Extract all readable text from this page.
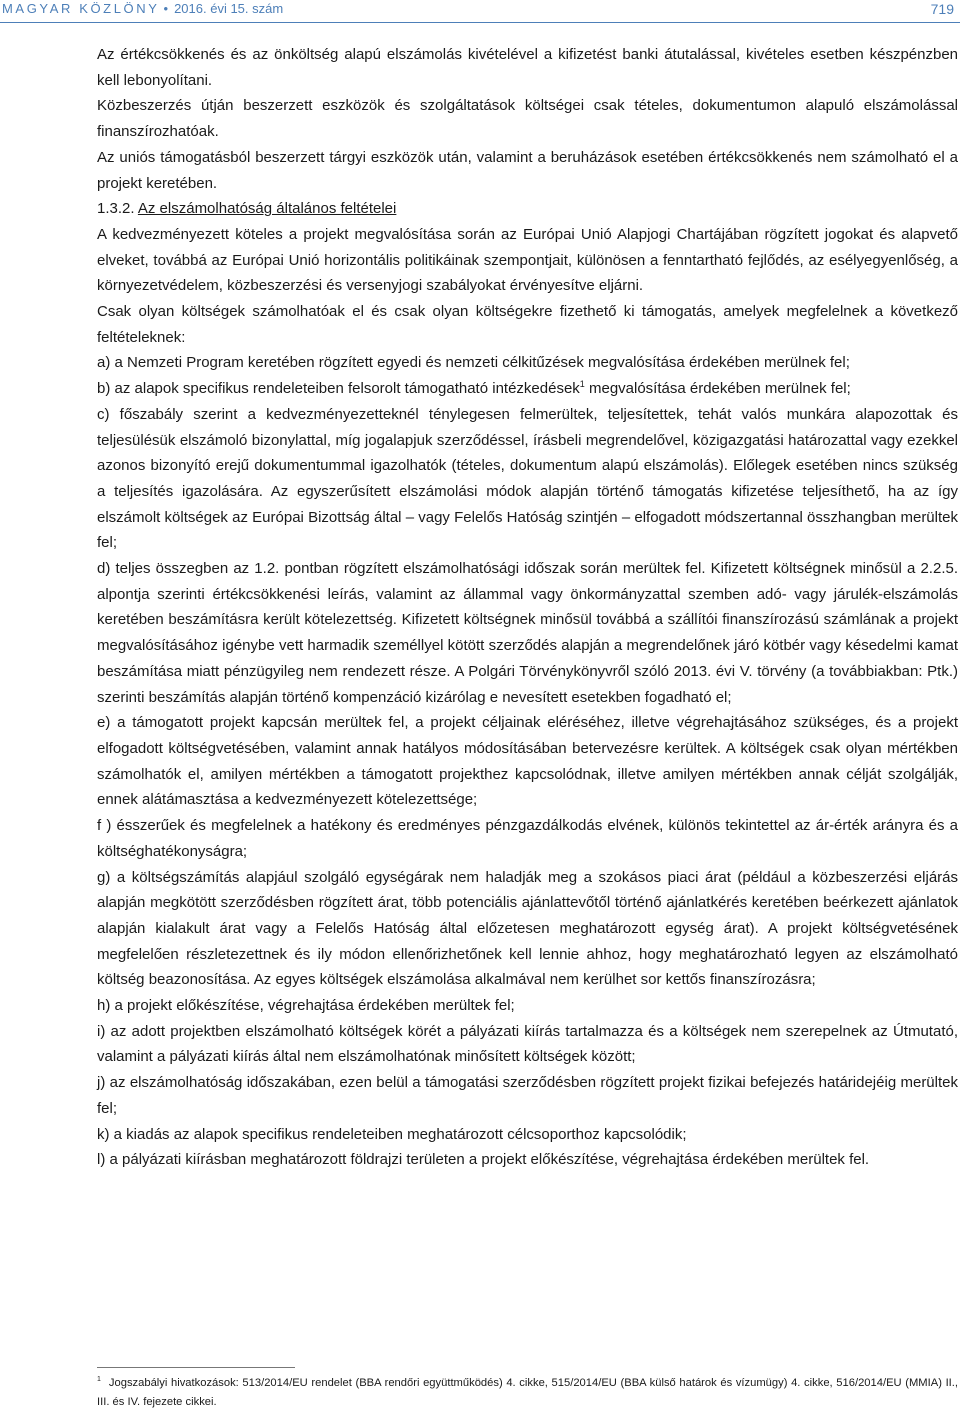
MAGYAR KÖZLÖNY • 2016. évi 15. szám	719

Az értékcsökkenés és az önköltség alapú elszámolás kivételével a kifizetést banki átutalással, kivételes esetben készpénzben kell lebonyolítani.

Közbeszerzés útján beszerzett eszközök és szolgáltatások költségei csak tételes, dokumentumon alapuló elszámolással finanszírozhatóak.

Az uniós támogatásból beszerzett tárgyi eszközök után, valamint a beruházások esetében értékcsökkenés nem számolható el a projekt keretében.

1.3.2. Az elszámolhatóság általános feltételei

A kedvezményezett köteles a projekt megvalósítása során az Európai Unió Alapjogi Chartájában rögzített jogokat és alapvető elveket, továbbá az Európai Unió horizontális politikáinak szempontjait, különösen a fenntartható fejlődés, az esélyegyenlőség, a környezetvédelem, közbeszerzési és versenyjogi szabályokat érvényesítve eljárni.

Csak olyan költségek számolhatóak el és csak olyan költségekre fizethető ki támogatás, amelyek megfelelnek a következő feltételeknek:

a) a Nemzeti Program keretében rögzített egyedi és nemzeti célkitűzések megvalósítása érdekében merülnek fel;

b) az alapok specifikus rendeleteiben felsorolt támogatható intézkedések$^1$ megvalósítása érdekében merülnek fel;

c) főszabály szerint a kedvezményezetteknél ténylegesen felmerültek, teljesítettek, tehát valós munkára alapozottak és teljesülésük elszámoló bizonylattal, míg jogalapjuk szerződéssel, írásbeli megrendelővel, közigazgatási határozattal vagy ezekkel azonos bizonyító erejű dokumentummal igazolhatók (tételes, dokumentum alapú elszámolás). Előlegek esetében nincs szükség a teljesítés igazolására. Az egyszerűsített elszámolási módok alapján történő támogatás kifizetése teljesíthető, ha az így elszámolt költségek az Európai Bizottság által – vagy Felelős Hatóság szintjén – elfogadott módszertannal összhangban merültek fel;

d) teljes összegben az 1.2. pontban rögzített elszámolhatósági időszak során merültek fel. Kifizetett költségnek minősül a 2.2.5. alpontja szerinti értékcsökkenési leírás, valamint az állammal vagy önkormányzattal szemben adó- vagy járulék-elszámolás keretében beszámításra került kötelezettség. Kifizetett költségnek minősül továbbá a szállítói finanszírozású számlának a projekt megvalósításához igénybe vett harmadik személlyel kötött szerződés alapján a megrendelőnek járó kötbér vagy késedelmi kamat beszámítása miatt pénzügyileg nem rendezett része. A Polgári Törvénykönyvről szóló 2013. évi V. törvény (a továbbiakban: Ptk.) szerinti beszámítás alapján történő kompenzáció kizárólag e nevesített esetekben fogadható el;

e) a támogatott projekt kapcsán merültek fel, a projekt céljainak eléréséhez, illetve végrehajtásához szükséges, és a projekt elfogadott költségvetésében, valamint annak hatályos módosításában betervezésre kerültek. A költségek csak olyan mértékben számolhatók el, amilyen mértékben a támogatott projekthez kapcsolódnak, illetve amilyen mértékben annak célját szolgálják, ennek alátámasztása a kedvezményezett kötelezettsége;

f ) ésszerűek és megfelelnek a hatékony és eredményes pénzgazdálkodás elvének, különös tekintettel az ár-érték arányra és a költséghatékonyságra;

g) a költségszámítás alapjául szolgáló egységárak nem haladják meg a szokásos piaci árat (például a közbeszerzési eljárás alapján megkötött szerződésben rögzített árat, több potenciális ajánlattevőtől történő ajánlatkérés keretében beérkezett ajánlatok alapján kialakult árat vagy a Felelős Hatóság által előzetesen meghatározott egység árat). A projekt költségvetésének megfelelően részletezettnek és ily módon ellenőrizhetőnek kell lennie ahhoz, hogy meghatározható legyen az elszámolható költség beazonosítása. Az egyes költségek elszámolása alkalmával nem kerülhet sor kettős finanszírozásra;

h) a projekt előkészítése, végrehajtása érdekében merültek fel;

i) az adott projektben elszámolható költségek körét a pályázati kiírás tartalmazza és a költségek nem szerepelnek az Útmutató, valamint a pályázati kiírás által nem elszámolhatónak minősített költségek között;

j) az elszámolhatóság időszakában, ezen belül a támogatási szerződésben rögzített projekt fizikai befejezés határidejéig merültek fel;

k) a kiadás az alapok specifikus rendeleteiben meghatározott célcsoporthoz kapcsolódik;

l) a pályázati kiírásban meghatározott földrajzi területen a projekt előkészítése, végrehajtása érdekében merültek fel.

$^1$ Jogszabályi hivatkozások: 513/2014/EU rendelet (BBA rendőri együttműködés) 4. cikke, 515/2014/EU (BBA külső határok és vízumügy) 4. cikke, 516/2014/EU (MMIA) II., III. és IV. fejezete cikkei.
